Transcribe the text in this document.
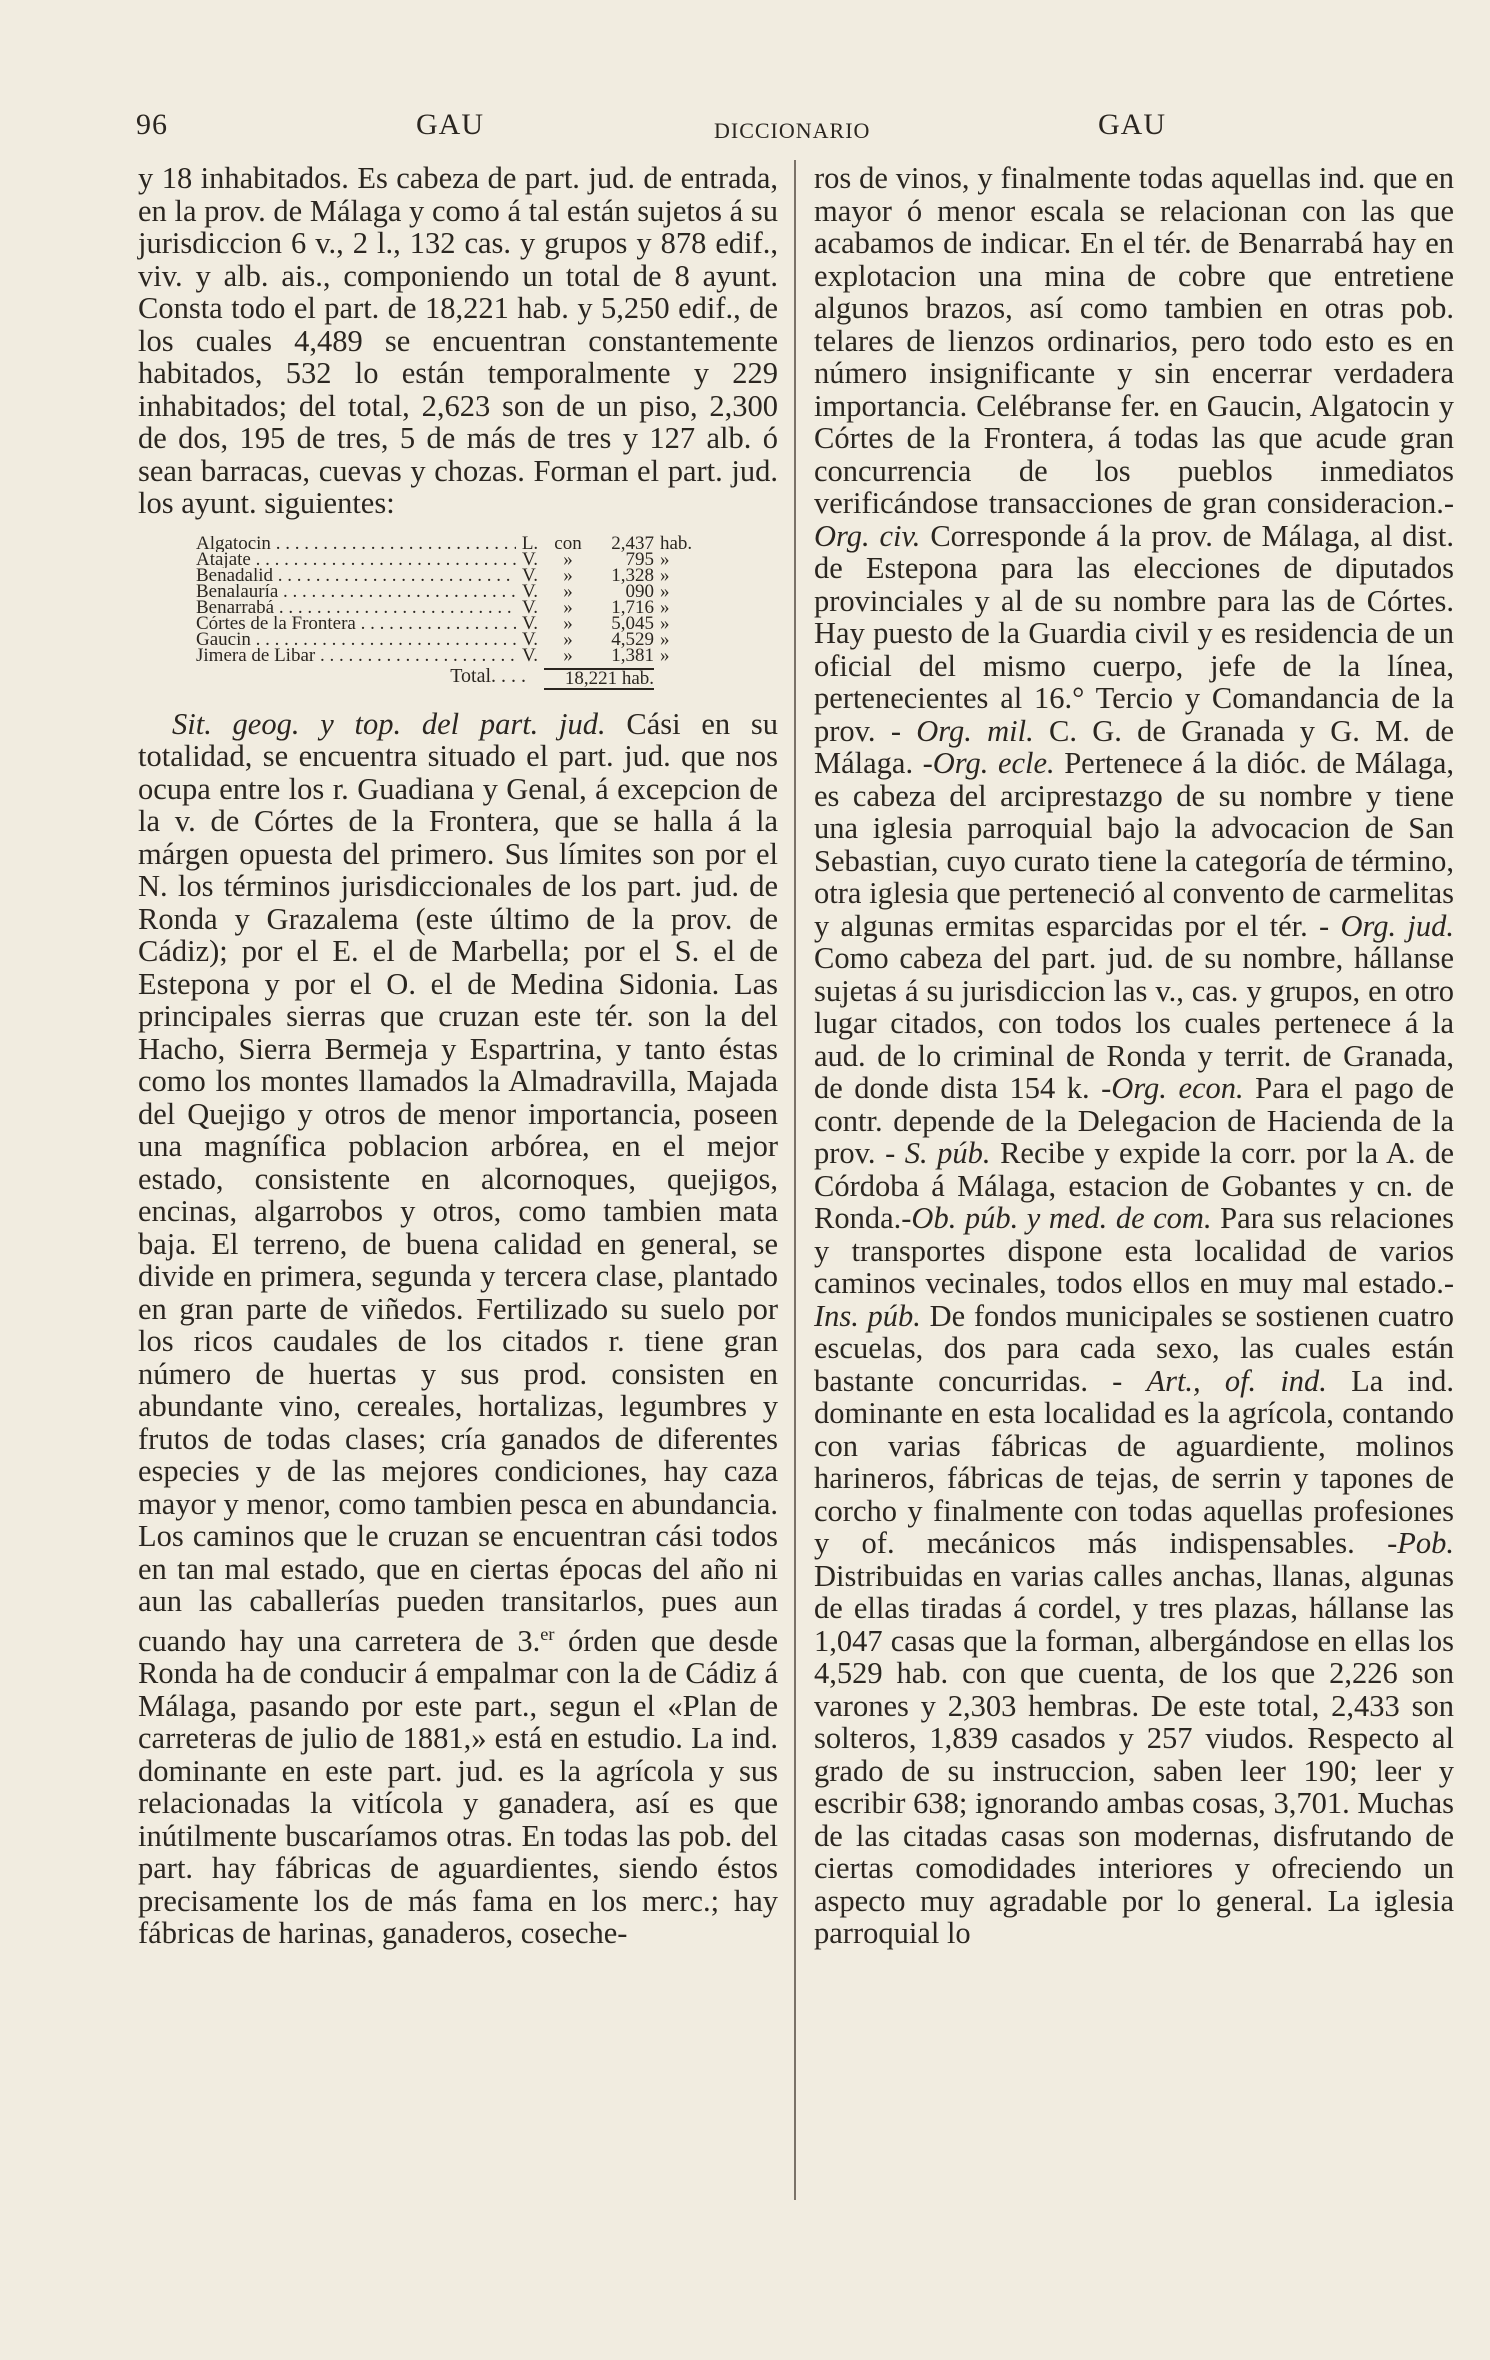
96	GAU	DICCIONARIO	GAU

y 18 inhabitados. Es cabeza de part. jud. de entrada, en la prov. de Málaga y como á tal están sujetos á su jurisdiccion 6 v., 2 l., 132 cas. y grupos y 878 edif., viv. y alb. ais., componiendo un total de 8 ayunt. Consta todo el part. de 18,221 hab. y 5,250 edif., de los cuales 4,489 se encuentran constantemente habitados, 532 lo están temporalmente y 229 inhabitados; del total, 2,623 son de un piso, 2,300 de dos, 195 de tres, 5 de más de tres y 127 alb. ó sean barracas, cuevas y chozas. Forman el part. jud. los ayunt. siguientes:

Algatocin . . .	L. con	2,437 hab.
Atajate . . .	V.	»	795 »
Benadalid . . .	V.	»	1,328 »
Benalauría . . .	V.	»	090 »
Benarrabá . . .	V.	»	1,716 »
Córtes de la Frontera . . .	V.	»	5,045 »
Gaucin . . .	V.	»	4,529 »
Jimera de Libar . . .	V.	»	1,381 »
Total. . . .	18,221 hab.

Sit. geog. y top. del part. jud. Cási en su totalidad, se encuentra situado el part. jud. que nos ocupa entre los r. Guadiana y Genal, á excepcion de la v. de Córtes de la Frontera, que se halla á la márgen opuesta del primero. Sus límites son por el N. los términos jurisdiccionales de los part. jud. de Ronda y Grazalema (este último de la prov. de Cádiz); por el E. el de Marbella; por el S. el de Estepona y por el O. el de Medina Sidonia. Las principales sierras que cruzan este tér. son la del Hacho, Sierra Bermeja y Espartrina, y tanto éstas como los montes llamados la Almadravilla, Majada del Quejigo y otros de menor importancia, poseen una magnífica poblacion arbórea, en el mejor estado, consistente en alcornoques, quejigos, encinas, algarrobos y otros, como tambien mata baja. El terreno, de buena calidad en general, se divide en primera, segunda y tercera clase, plantado en gran parte de viñedos. Fertilizado su suelo por los ricos caudales de los citados r. tiene gran número de huertas y sus prod. consisten en abundante vino, cereales, hortalizas, legumbres y frutos de todas clases; cría ganados de diferentes especies y de las mejores condiciones, hay caza mayor y menor, como tambien pesca en abundancia. Los caminos que le cruzan se encuentran cási todos en tan mal estado, que en ciertas épocas del año ni aun las caballerías pueden transitarlos, pues aun cuando hay una carretera de 3.$^{er}$ órden que desde Ronda ha de conducir á empalmar con la de Cádiz á Málaga, pasando por este part., segun el «Plan de carreteras de julio de 1881,» está en estudio. La ind. dominante en este part. jud. es la agrícola y sus relacionadas la vitícola y ganadera, así es que inútilmente buscaríamos otras. En todas las pob. del part. hay fábricas de aguardientes, siendo éstos precisamente los de más fama en los merc.; hay fábricas de harinas, ganaderos, coseche-

ros de vinos, y finalmente todas aquellas ind. que en mayor ó menor escala se relacionan con las que acabamos de indicar. En el tér. de Benarrabá hay en explotacion una mina de cobre que entretiene algunos brazos, así como tambien en otras pob. telares de lienzos ordinarios, pero todo esto es en número insignificante y sin encerrar verdadera importancia. Celébranse fer. en Gaucin, Algatocin y Córtes de la Frontera, á todas las que acude gran concurrencia de los pueblos inmediatos verificándose transacciones de gran consideracion.-Org. civ. Corresponde á la prov. de Málaga, al dist. de Estepona para las elecciones de diputados provinciales y al de su nombre para las de Córtes. Hay puesto de la Guardia civil y es residencia de un oficial del mismo cuerpo, jefe de la línea, pertenecientes al 16.° Tercio y Comandancia de la prov. - Org. mil. C. G. de Granada y G. M. de Málaga. -Org. ecle. Pertenece á la dióc. de Málaga, es cabeza del arciprestazgo de su nombre y tiene una iglesia parroquial bajo la advocacion de San Sebastian, cuyo curato tiene la categoría de término, otra iglesia que perteneció al convento de carmelitas y algunas ermitas esparcidas por el tér. - Org. jud. Como cabeza del part. jud. de su nombre, hállanse sujetas á su jurisdiccion las v., cas. y grupos, en otro lugar citados, con todos los cuales pertenece á la aud. de lo criminal de Ronda y territ. de Granada, de donde dista 154 k. -Org. econ. Para el pago de contr. depende de la Delegacion de Hacienda de la prov. - S. púb. Recibe y expide la corr. por la A. de Córdoba á Málaga, estacion de Gobantes y cn. de Ronda.-Ob. púb. y med. de com. Para sus relaciones y transportes dispone esta localidad de varios caminos vecinales, todos ellos en muy mal estado.-Ins. púb. De fondos municipales se sostienen cuatro escuelas, dos para cada sexo, las cuales están bastante concurridas. - Art., of. ind. La ind. dominante en esta localidad es la agrícola, contando con varias fábricas de aguardiente, molinos harineros, fábricas de tejas, de serrin y tapones de corcho y finalmente con todas aquellas profesiones y of. mecánicos más indispensables. -Pob. Distribuidas en varias calles anchas, llanas, algunas de ellas tiradas á cordel, y tres plazas, hállanse las 1,047 casas que la forman, albergándose en ellas los 4,529 hab. con que cuenta, de los que 2,226 son varones y 2,303 hembras. De este total, 2,433 son solteros, 1,839 casados y 257 viudos. Respecto al grado de su instruccion, saben leer 190; leer y escribir 638; ignorando ambas cosas, 3,701. Muchas de las citadas casas son modernas, disfrutando de ciertas comodidades interiores y ofreciendo un aspecto muy agradable por lo general. La iglesia parroquial lo
